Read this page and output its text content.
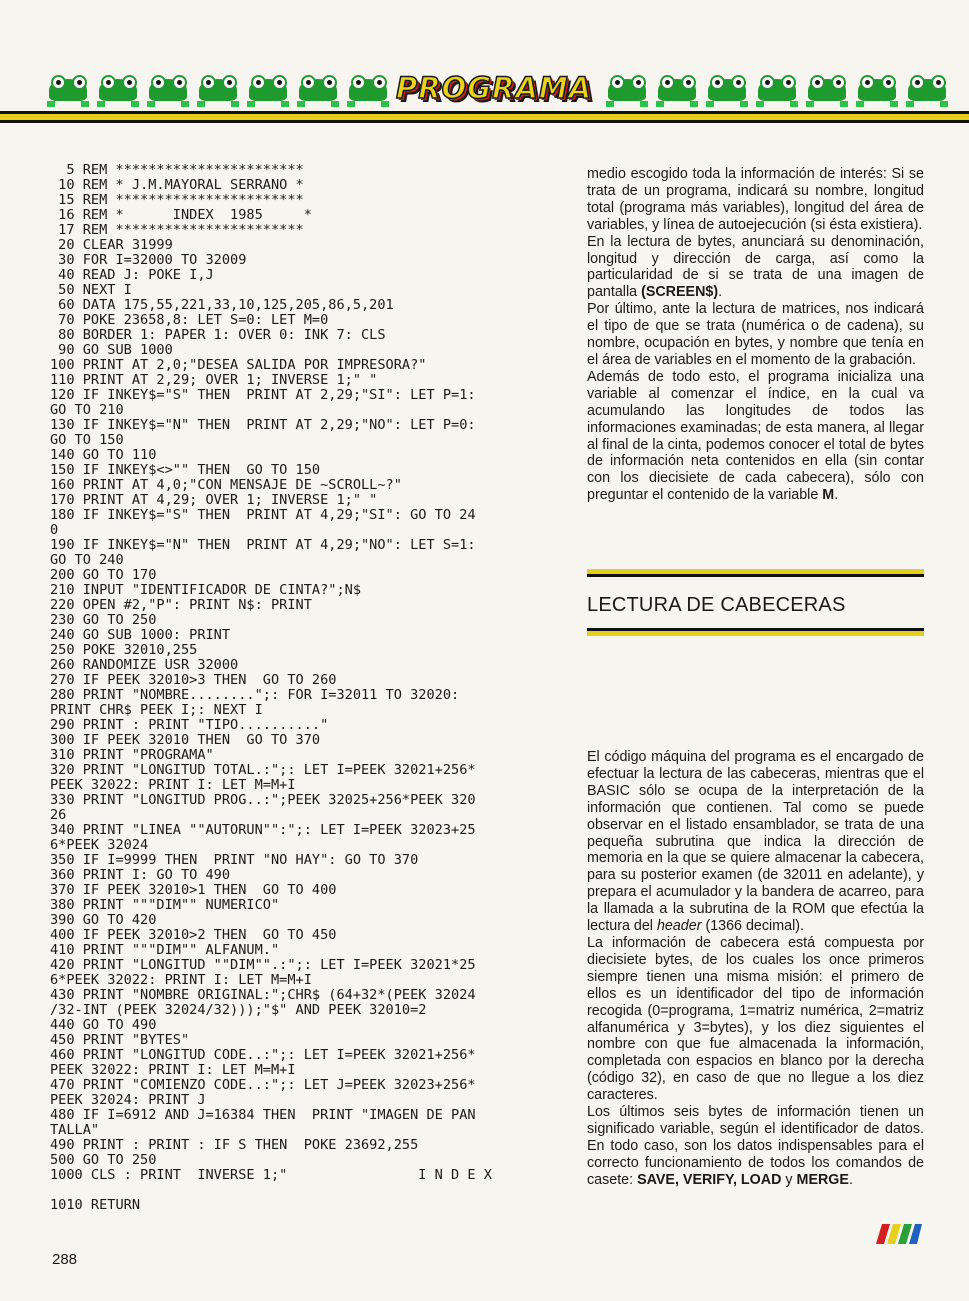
PROGRAMA
5 REM ***********************
10 REM * J.M.MAYORAL SERRANO *
15 REM ***********************
16 REM *      INDEX  1985     *
17 REM ***********************
20 CLEAR 31999
30 FOR I=32000 TO 32009
40 READ J: POKE I,J
50 NEXT I
60 DATA 175,55,221,33,10,125,205,86,5,201
70 POKE 23658,8: LET S=0: LET M=0
80 BORDER 1: PAPER 1: OVER 0: INK 7: CLS
90 GO SUB 1000
100 PRINT AT 2,0;"DESEA SALIDA POR IMPRESORA?"
110 PRINT AT 2,29; OVER 1; INVERSE 1;" "
120 IF INKEY$="S" THEN  PRINT AT 2,29;"SI": LET P=1:
GO TO 210
130 IF INKEY$="N" THEN  PRINT AT 2,29;"NO": LET P=0:
GO TO 150
140 GO TO 110
150 IF INKEY$<>"" THEN  GO TO 150
160 PRINT AT 4,0;"CON MENSAJE DE ~SCROLL~?"
170 PRINT AT 4,29; OVER 1; INVERSE 1;" "
180 IF INKEY$="S" THEN  PRINT AT 4,29;"SI": GO TO 24
0
190 IF INKEY$="N" THEN  PRINT AT 4,29;"NO": LET S=1:
GO TO 240
200 GO TO 170
210 INPUT "IDENTIFICADOR DE CINTA?";N$
220 OPEN #2,"P": PRINT N$: PRINT
230 GO TO 250
240 GO SUB 1000: PRINT
250 POKE 32010,255
260 RANDOMIZE USR 32000
270 IF PEEK 32010>3 THEN  GO TO 260
280 PRINT "NOMBRE........";: FOR I=32011 TO 32020:
PRINT CHR$ PEEK I;: NEXT I
290 PRINT : PRINT "TIPO.........."
300 IF PEEK 32010 THEN  GO TO 370
310 PRINT "PROGRAMA"
320 PRINT "LONGITUD TOTAL.:";: LET I=PEEK 32021+256*
PEEK 32022: PRINT I: LET M=M+I
330 PRINT "LONGITUD PROG..:";PEEK 32025+256*PEEK 320
26
340 PRINT "LINEA ""AUTORUN"":";: LET I=PEEK 32023+25
6*PEEK 32024
350 IF I=9999 THEN  PRINT "NO HAY": GO TO 370
360 PRINT I: GO TO 490
370 IF PEEK 32010>1 THEN  GO TO 400
380 PRINT """DIM"" NUMERICO"
390 GO TO 420
400 IF PEEK 32010>2 THEN  GO TO 450
410 PRINT """DIM"" ALFANUM."
420 PRINT "LONGITUD ""DIM"".:";: LET I=PEEK 32021*25
6*PEEK 32022: PRINT I: LET M=M+I
430 PRINT "NOMBRE ORIGINAL:";CHR$ (64+32*(PEEK 32024
/32-INT (PEEK 32024/32)));"$" AND PEEK 32010=2
440 GO TO 490
450 PRINT "BYTES"
460 PRINT "LONGITUD CODE..:";: LET I=PEEK 32021+256*
PEEK 32022: PRINT I: LET M=M+I
470 PRINT "COMIENZO CODE..:";: LET J=PEEK 32023+256*
PEEK 32024: PRINT J
480 IF I=6912 AND J=16384 THEN  PRINT "IMAGEN DE PAN
TALLA"
490 PRINT : PRINT : IF S THEN  POKE 23692,255
500 GO TO 250
1000 CLS : PRINT  INVERSE 1;"                I N D E X

1010 RETURN

medio escogido toda la información de interés: Si se trata de un programa, indicará su nombre, longitud total (programa más variables), longitud del área de variables, y línea de autoejecución (si ésta existiera).

En la lectura de bytes, anunciará su denominación, longitud y dirección de carga, así como la particularidad de si se trata de una imagen de pantalla (SCREEN$).

Por último, ante la lectura de matrices, nos indicará el tipo de que se trata (numérica o de cadena), su nombre, ocupación en bytes, y nombre que tenía en el área de variables en el momento de la grabación.

Además de todo esto, el programa inicializa una variable al comenzar el índice, en la cual va acumulando las longitudes de todos las informaciones examinadas; de esta manera, al llegar al final de la cinta, podemos conocer el total de bytes de información neta contenidos en ella (sin contar con los diecisiete de cada cabecera), sólo con preguntar el contenido de la variable M.

LECTURA DE CABECERAS

El código máquina del programa es el encargado de efectuar la lectura de las cabeceras, mientras que el BASIC sólo se ocupa de la interpretación de la información que contienen. Tal como se puede observar en el listado ensamblador, se trata de una pequeña subrutina que indica la dirección de memoria en la que se quiere almacenar la cabecera, para su posterior examen (de 32011 en adelante), y prepara el acumulador y la bandera de acarreo, para la llamada a la subrutina de la ROM que efectúa la lectura del header (1366 decimal).

La información de cabecera está compuesta por diecisiete bytes, de los cuales los once primeros siempre tienen una misma misión: el primero de ellos es un identificador del tipo de información recogida (0=programa, 1=matriz numérica, 2=matriz alfanumérica y 3=bytes), y los diez siguientes el nombre con que fue almacenada la información, completada con espacios en blanco por la derecha (código 32), en caso de que no llegue a los diez caracteres.

Los últimos seis bytes de información tienen un significado variable, según el identificador de datos. En todo caso, son los datos indispensables para el correcto funcionamiento de todos los comandos de casete: SAVE, VERIFY, LOAD y MERGE.

288
